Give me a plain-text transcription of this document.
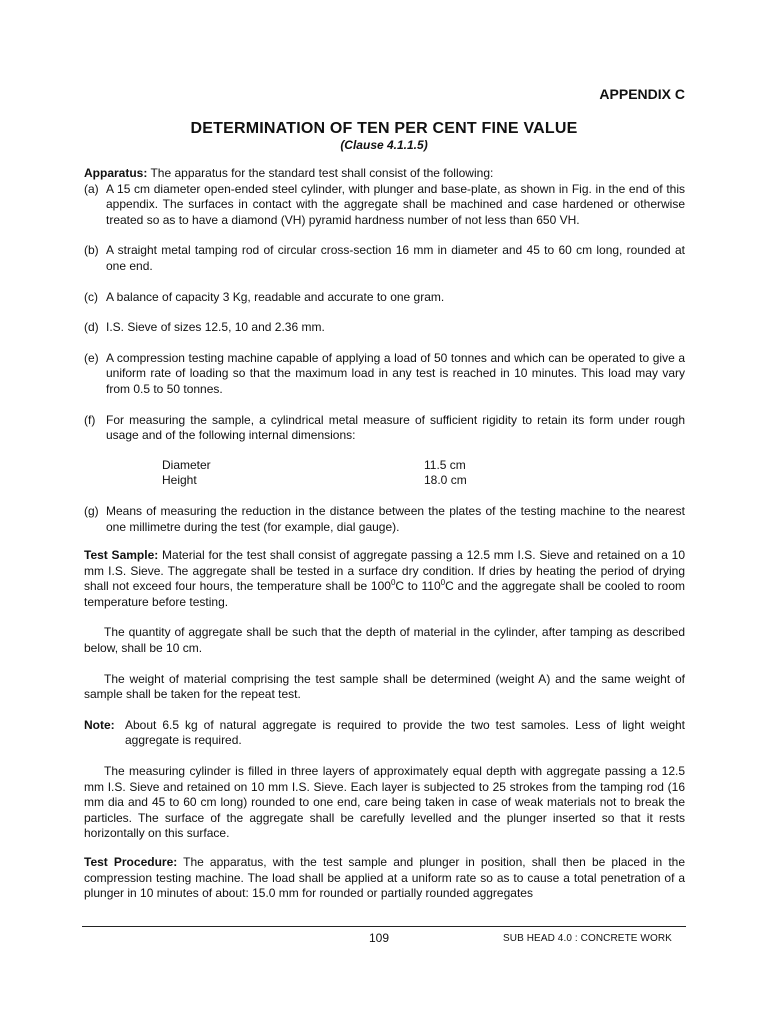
APPENDIX C
DETERMINATION OF TEN PER CENT FINE VALUE
(Clause 4.1.1.5)

Apparatus: The apparatus for the standard test shall consist of the following:

(a) A 15 cm diameter open-ended steel cylinder, with plunger and base-plate, as shown in Fig. in the end of this appendix. The surfaces in contact with the aggregate shall be machined and case hardened or otherwise treated so as to have a diamond (VH) pyramid hardness number of not less than 650 VH.
(b) A straight metal tamping rod of circular cross-section 16 mm in diameter and 45 to 60 cm long, rounded at one end.
(c) A balance of capacity 3 Kg, readable and accurate to one gram.
(d) I.S. Sieve of sizes 12.5, 10 and 2.36 mm.
(e) A compression testing machine capable of applying a load of 50 tonnes and which can be operated to give a uniform rate of loading so that the maximum load in any test is reached in 10 minutes. This load may vary from 0.5 to 50 tonnes.
(f) For measuring the sample, a cylindrical metal measure of sufficient rigidity to retain its form under rough usage and of the following internal dimensions:
Diameter	11.5 cm
Height	18.0 cm
(g) Means of measuring the reduction in the distance between the plates of the testing machine to the nearest one millimetre during the test (for example, dial gauge).

Test Sample: Material for the test shall consist of aggregate passing a 12.5 mm I.S. Sieve and retained on a 10 mm I.S. Sieve. The aggregate shall be tested in a surface dry condition. If dries by heating the period of drying shall not exceed four hours, the temperature shall be $100^0C$ to $110^0C$ and the aggregate shall be cooled to room temperature before testing.

The quantity of aggregate shall be such that the depth of material in the cylinder, after tamping as described below, shall be 10 cm.

The weight of material comprising the test sample shall be determined (weight A) and the same weight of sample shall be taken for the repeat test.

Note: About 6.5 kg of natural aggregate is required to provide the two test samoles. Less of light weight aggregate is required.

The measuring cylinder is filled in three layers of approximately equal depth with aggregate passing a 12.5 mm I.S. Sieve and retained on 10 mm I.S. Sieve. Each layer is subjected to 25 strokes from the tamping rod (16 mm dia and 45 to 60 cm long) rounded to one end, care being taken in case of weak materials not to break the particles. The surface of the aggregate shall be carefully levelled and the plunger inserted so that it rests horizontally on this surface.

Test Procedure: The apparatus, with the test sample and plunger in position, shall then be placed in the compression testing machine. The load shall be applied at a uniform rate so as to cause a total penetration of a plunger in 10 minutes of about: 15.0 mm for rounded or partially rounded aggregates

109	SUB HEAD 4.0 : CONCRETE WORK
